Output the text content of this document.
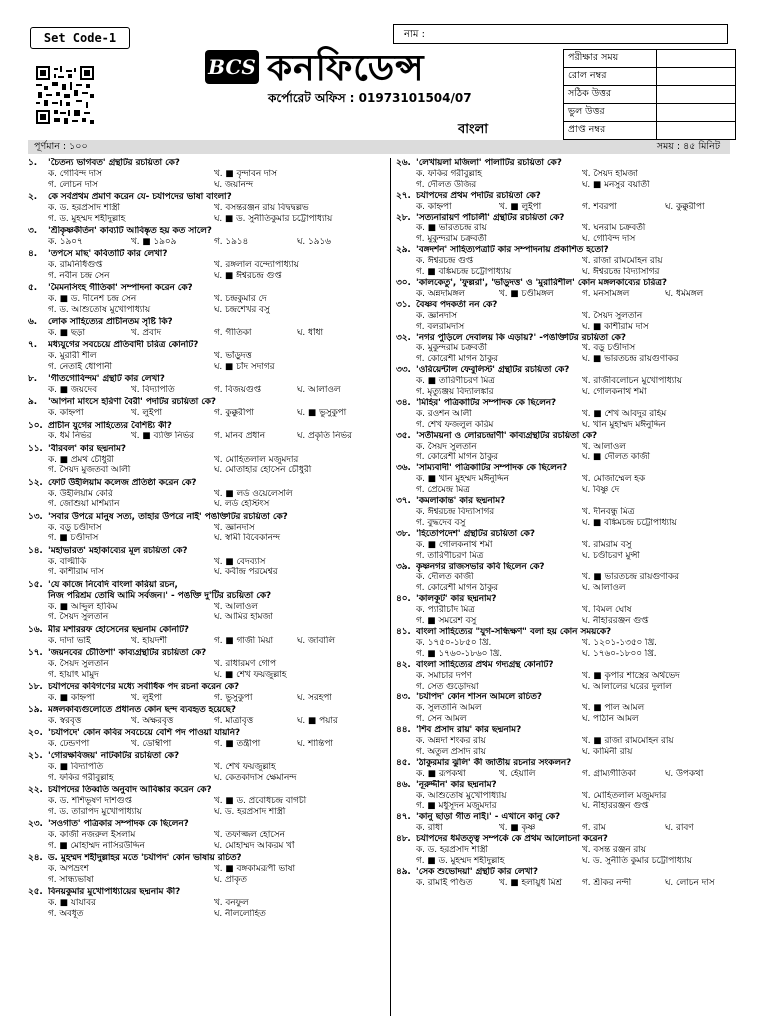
Set Code-1	নাম :
BCS কনফিডেন্স
কর্পোরেট অফিস : 01973101504/07
বাংলা
পরীক্ষার সময়	
রোল নম্বর	
সঠিক উত্তর	
ভুল উত্তর	
প্রাপ্ত নম্বর	
পূর্ণমান : ১০০	সময় : ৪৫ মিনিট
১.	'চৈতন্য ভাগবত' গ্রন্থটির রচয়িতা কে?
ক. গোবিন্দ দাস	খ. ■ বৃন্দাবন দাস
গ. লোচন দাস	ঘ. জয়ানন্দ
২.	কে সর্বপ্রথম প্রমাণ করেন যে- চর্যাপদের ভাষা বাংলা?
ক. ড. হরপ্রসাদ শাস্ত্রী	খ. বসন্তরঞ্জন রায় বিদ্বদ্বল্লভ
গ. ড. মুহম্মদ শহীদুল্লাহ	ঘ. ■ ড. সুনীতিকুমার চট্টোপাধ্যায়
৩.	'শ্রীকৃষ্ণকীর্তন' কাব্যটি আবিষ্কৃত হয় কত সালে?
ক. ১৯০৭	খ. ■ ১৯০৯	গ. ১৯১৪	ঘ. ১৯১৬
৪.	'তপসে মাছ' কবিতাটি কার লেখা?
ক. রামনিধিগুপ্ত	খ. রঙ্গলাল বন্দ্যোপাধ্যায়
গ. নবীন চন্দ্র সেন	ঘ. ■ ঈশ্বরচন্দ্র গুপ্ত
৫.	'মৈমনসিংহ গীতিকা' সম্পাদনা করেন কে?
ক. ■ ড. দীনেশ চন্দ্র সেন	খ. চন্দ্রকুমার দে
গ. ড. আশুতোষ মুখোপাধ্যায়	ঘ. চন্দ্রশেখর বসু
৬.	লোক সাহিত্যের প্রাচীনতম সৃষ্টি কি?
ক. ■ ছড়া	খ. প্রবাদ	গ. গীতিকা	ঘ. ধাঁধা
৭.	মধ্যযুগের সবচেয়ে প্রতিবাদী চরিত্র কোনটি?
ক. মুরারী শীল	খ. ভাঁড়ুদত্ত
গ. নেতাই ধোপানী	ঘ. ■ চাঁদ সদাগর
৮.	'গীতগোবিন্দম' গ্রন্থটি কার লেখা?
ক. ■ জয়দেব	খ. বিদ্যাপতি	গ. বিজয়গুপ্ত	ঘ. আলাওল
৯.	'আপনা মাংসে হরিণা বৈরী' পদটির রচয়িতা কে?
ক. কাহ্নপা	খ. লুইপা	গ. কুক্কুরীপা	ঘ. ■ ভুসুকুপা
১০. প্রাচীন যুগের সাহিত্যের বৈশিষ্ট্য কী?
ক. ধর্ম নির্ভর	খ. ■ ব্যক্তি নির্ভর	গ. মানব প্রধান	ঘ. প্রকৃতি নির্ভর
১১. 'বীরবল' কার ছদ্মনাম?
ক. ■ প্রমথ চৌধুরী	খ. মোহিতলাল মজুমদার
গ. সৈয়দ মুজতবা আলী	ঘ. মোতাহার হোসেন চৌধুরী
১২. ফোর্ট উইলিয়াম কলেজ প্রতিষ্ঠা করেন কে?
ক. উইলিয়াম কেরি	খ. ■ লর্ড ওয়েলেসলি
গ. জোশুয়া মার্শম্যান	ঘ. লর্ড হেস্টিংস
১৩. 'সবার উপরে মানুষ সত্য, তাহার উপরে নাই' পঙক্তিটির রচয়িতা কে?
ক. বড়ু চণ্ডীদাস	খ. জ্ঞানদাস
গ. ■ চণ্ডীদাস	ঘ. স্বামী বিবেকানন্দ
১৪. 'মহাভারত' মহাকাব্যের মূল রচয়িতা কে?
ক. বাল্মীকি	খ. ■ বেদব্যাস
গ. কাশীরাম দাস	ঘ. কবীন্দ্র পরমেশ্বর
১৫. 'যে কাজে নিবেদি বাংলা করিয়া রচন,
নিজ পরিশ্রম তোষি আমি সর্বজন।' - পঙক্তি দু'টির রচয়িতা কে?
ক. ■ আব্দুল হাকিম	খ. আলাওল
গ. সৈয়দ সুলতান	ঘ. আমির হামজা
১৬. মীর মশাররফ হোসেনের ছদ্মনাম কোনটি?
ক. দাদা ভাই	খ. হায়দর্শী	গ. ■ গাজী মিয়া	ঘ. জাবালি
১৭. 'জয়নবের চৌতিশা' কাব্যগ্রন্থটির রচয়িতা কে?
ক. সৈয়দ সুলতান	খ. রাধারমণ গোপ
গ. হায়াৎ মামুদ	ঘ. ■ শেখ ফয়জুল্লাহ
১৮. চর্যাপদের কবিগণের মধ্যে সর্বাধিক পদ রচনা করেন কে?
ক. ■ কাহ্নপা	খ. লুইপা	গ. ভুসুকুপা	ঘ. সরহপা
১৯. মঙ্গলকাব্যগুলোতে প্রধানত কোন ছন্দ ব্যবহৃত হয়েছে?
ক. স্বরবৃত্ত	খ. অক্ষরবৃত্ত	গ. মাত্রাবৃত্ত	ঘ. ■ পয়ার
২০. 'চর্যাপদে' কোন কবির সবচেয়ে বেশি পদ পাওয়া যায়নি?
ক. ঢেন্ডণপা	খ. ডোম্বীপা	গ. ■ তন্ত্রীপা	ঘ. শান্তিপা
২১. 'গোরক্ষবিজয়' নাটকটির রচয়িতা কে?
ক. ■ বিদ্যাপতি	খ. শেখ ফয়জুল্লাহ
গ. ফকির গরীবুল্লাহ	ঘ. কেতকাদাস ক্ষেমানন্দ
২২. চর্যাপদের তিব্বতি অনুবাদ আবিষ্কার করেন কে?
ক. ড. শশিভূষণ দাশগুপ্ত	খ. ■ ড. প্রবোধচন্দ্র বাগচী
গ. ড. তারাপদ মুখোপাধ্যায়	ঘ. ড. হরপ্রসাদ শাস্ত্রী
২৩. 'সওগাত' পত্রিকার সম্পাদক কে ছিলেন?
ক. কাজী নজরুল ইসলাম	খ. তফাজ্জল হোসেন
গ. ■ মোহাম্মদ নাসিরউদ্দিন	ঘ. মোহাম্মদ আকরম খাঁ
২৪. ড. মুহম্মদ শহীদুল্লাহর মতে 'চর্যাপদ' কোন ভাষায় রচিত?
ক. অপভ্রংশ	খ. ■ বঙ্গকামরূপী ভাষা
গ. সান্ধ্যভাষা	ঘ. প্রাকৃত
২৫. বিনয়কুমার মুখোপাধ্যায়ের ছদ্মনাম কী?
ক. ■ যাযাবর	খ. বনফুল
গ. অবধূত	ঘ. নীললোহিত
২৬. 'লেখায়লা মজিলা' পালাটির রচয়িতা কে?
ক. ফকির গরীবুল্লাহ	খ. সৈয়দ হামজা
গ. দৌলত উজির	ঘ. ■ মনসুর বয়াতী
২৭. চর্যাপদের প্রথম পদটির রচয়িতা কে?
ক. কাহ্নপা	খ. ■ লুইপা	গ. শবরপা	ঘ. কুক্কুরীপা
২৮. 'সত্যনারায়ণ পাঁচালী' গ্রন্থটির রচয়িতা কে?
ক. ■ ভারতচন্দ্র রায়	খ. ঘনরাম চক্রবর্তী
গ. মুকুন্দরাম চক্রবর্তী	ঘ. গোবিন্দ দাস
২৯. 'বঙ্গদর্শন' সাহিত্যপত্রটি কার সম্পাদনায় প্রকাশিত হতো?
ক. ঈশ্বরচন্দ্র গুপ্ত	খ. রাজা রামমোহন রায়
গ. ■ বঙ্কিমচন্দ্র চট্টোপাধ্যায়	ঘ. ঈশ্বরচন্দ্র বিদ্যাসাগর
৩০. 'কালকেতু', 'ফুল্লরা', 'ভাঁড়ুদত্ত' ও 'মুরারিশীল' কোন মঙ্গলকাব্যের চরিত্র?
ক. অন্নদামঙ্গল	খ. ■ চণ্ডীমঙ্গল	গ. মনসামঙ্গল	ঘ. ধর্মমঙ্গল
৩১. বৈষ্ণব পদকর্তা নন কে?
ক. জ্ঞানদাস	খ. সৈয়দ সুলতান
গ. বলরামদাস	ঘ. ■ কাশীরাম দাস
৩২. 'নগর পুড়িলে দেবালয় কি এড়ায়?' -পঙক্তিটির রচয়িতা কে?
ক. মুকুন্দরাম চক্রবর্তী	খ. বড়ু চণ্ডীদাস
গ. কোরেশী মাগন ঠাকুর	ঘ. ■ ভারতচন্দ্র রায়গুণাকর
৩৩. 'ওরিয়েন্টাল ফেবুলিস্ট' গ্রন্থটির রচয়িতা কে?
ক. ■ তারিণীচরণ মিত্র	খ. রাজীবলোচন মুখোপাধ্যায়
গ. মৃত্যুঞ্জয় বিদ্যালঙ্কার	ঘ. গোলকনাথ শর্মা
৩৪. 'মিহির' পত্রিকাটির সম্পাদক কে ছিলেন?
ক. রওশন আলী	খ. ■ শেখ আবদুর রহিম
গ. শেখ ফজলুল করিম	ঘ. খান মুহাম্মদ মঈনুদ্দিন
৩৫. 'সতীময়না ও লোরচন্দ্রাণী' কাব্যগ্রন্থটির রচয়িতা কে?
ক. সৈয়দ সুলতান	খ. আলাওল
গ. কোরেশী মাগন ঠাকুর	ঘ. ■ দৌলত কাজী
৩৬. 'সাম্যবাদী' পত্রিকাটির সম্পাদক কে ছিলেন?
ক. ■ খান মুহম্মদ মঈনুদ্দিন	খ. মোজাম্মেল হক
গ. প্রেমেন্দ্র মিত্র	ঘ. বিষ্ণু দে
৩৭. 'কমলাকান্ত' কার ছদ্মনাম?
ক. ঈশ্বরচন্দ্র বিদ্যাসাগর	খ. দীনবন্ধু মিত্র
গ. বুদ্ধদেব বসু	ঘ. ■ বঙ্কিমচন্দ্র চট্টোপাধ্যায়
৩৮. 'হিতোপদেশ' গ্রন্থটির রচয়িতা কে?
ক. ■ গোলকনাথ শর্মা	খ. রামরাম বসু
গ. তারিণীচরণ মিত্র	ঘ. চণ্ডীচরণ মুন্সী
৩৯. কৃষ্ণনগর রাজসভার কবি ছিলেন কে?
ক. দৌলত কাজী	খ. ■ ভারতচন্দ্র রায়গুণাকর
গ. কোরেশী মাগন ঠাকুর	ঘ. আলাওল
৪০. 'কালকূট' কার ছদ্মনাম?
ক. প্যারীচাঁদ মিত্র	খ. বিমল ঘোষ
গ. ■ সমরেশ বসু	ঘ. নীহাররঞ্জন গুপ্ত
৪১. বাংলা সাহিত্যের "যুগ-সন্ধিক্ষণ" বলা হয় কোন সময়কে?
ক. ১৭৫০-১৮৫০ খ্রি.	খ. ১২০১-১৩৫০ খ্রি.
গ. ■ ১৭৬০-১৮৬০ খ্রি.	ঘ. ১৭৬০-১৮০০ খ্রি.
৪২. বাংলা সাহিত্যের প্রথম গদ্যগ্রন্থ কোনটি?
ক. সমাচার দর্পণ	খ. ■ কৃপার শাস্ত্রের অর্থভেদ
গ. সেত গুড়োদয়া	ঘ. আলালের ঘরের দুলাল
৪৩. 'চর্যাপদ' কোন শাসন আমলে রচিত?
ক. সুলতানি আমল	খ. ■ পাল আমল
গ. সেন আমল	ঘ. পাঠান আমল
৪৪. 'শিব প্রসাদ রায়' কার ছদ্মনাম?
ক. অন্নদা শংকর রায়	খ. ■ রাজা রামমোহন রায়
গ. অতুল প্রসাদ রায়	ঘ. কামিনী রায়
৪৫. 'ঠাকুরমার ঝুলি' কী জাতীয় রচনার সংকলন?
ক. ■ রূপকথা	খ. হেঁয়ালি	গ. গ্রাম্যগীতিকা	ঘ. উপকথা
৪৬. 'নূরুদ্দীন' কার ছদ্মনাম?
ক. আশুতোষ মুখোপাধ্যায়	খ. মোহিতলাল মজুমদার
গ. ■ মধুসূদন মজুমদার	ঘ. নীহাররঞ্জন গুপ্ত
৪৭. 'কানু ছাড়া গীত নাই।' - এখানে কানু কে?
ক. রাধা	খ. ■ কৃষ্ণ	গ. রাম	ঘ. রাবণ
৪৮. চর্যাপদের ধর্মতত্ত্ব সম্পর্কে কে প্রথম আলোচনা করেন?
ক. ড. হরপ্রসাদ শাস্ত্রী	খ. বসন্ত রঞ্জন রায়
গ. ■ ড. মুহম্মদ শহীদুল্লাহ	ঘ. ড. সুনীতি কুমার চট্টোপাধ্যায়
৪৯. 'সেক শুভোদয়া' গ্রন্থটি কার লেখা?
ক. রামাই পণ্ডিত	খ. ■ হলায়ুধ মিশ্র	গ. শ্রীকর নন্দী	ঘ. লোচন দাস
